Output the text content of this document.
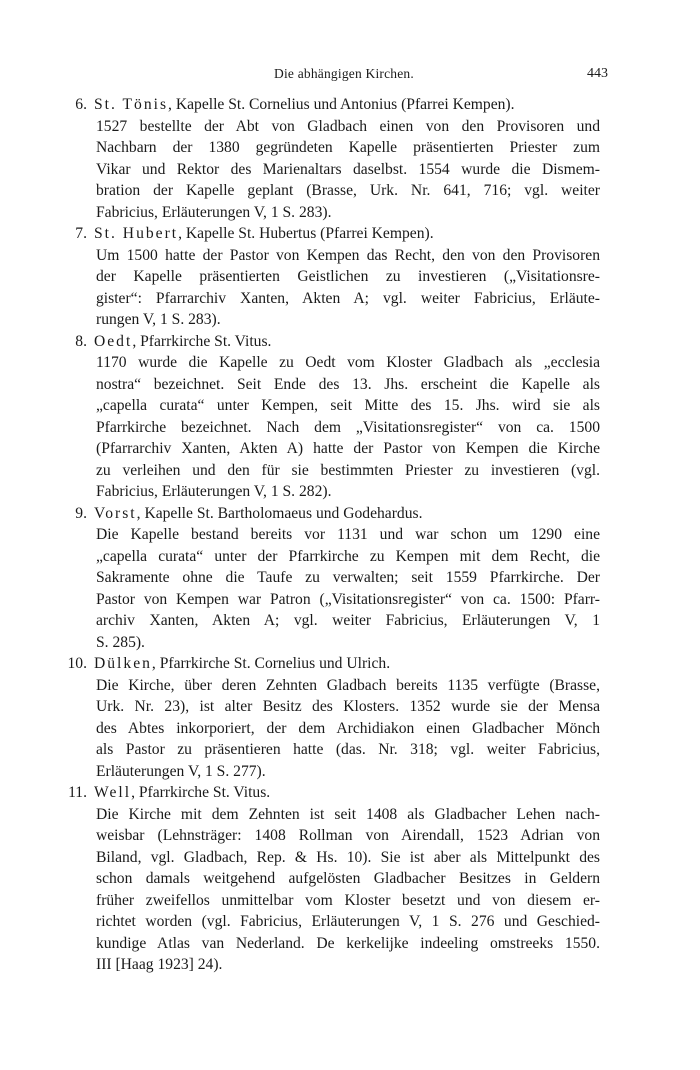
Die abhängigen Kirchen.	443
6. St. Tönis, Kapelle St. Cornelius und Antonius (Pfarrei Kempen).
1527 bestellte der Abt von Gladbach einen von den Provisoren und
Nachbarn der 1380 gegründeten Kapelle präsentierten Priester zum
Vikar und Rektor des Marienaltars daselbst. 1554 wurde die Dismem-
bration der Kapelle geplant (Brasse, Urk. Nr. 641, 716; vgl. weiter
Fabricius, Erläuterungen V, 1 S. 283).
7. St. Hubert, Kapelle St. Hubertus (Pfarrei Kempen).
Um 1500 hatte der Pastor von Kempen das Recht, den von den Provisoren
der Kapelle präsentierten Geistlichen zu investieren („Visitationsre-
gister“: Pfarrarchiv Xanten, Akten A; vgl. weiter Fabricius, Erläute-
rungen V, 1 S. 283).
8. Oedt, Pfarrkirche St. Vitus.
1170 wurde die Kapelle zu Oedt vom Kloster Gladbach als „ecclesia
nostra“ bezeichnet. Seit Ende des 13. Jhs. erscheint die Kapelle als
„capella curata“ unter Kempen, seit Mitte des 15. Jhs. wird sie als
Pfarrkirche bezeichnet. Nach dem „Visitationsregister“ von ca. 1500
(Pfarrarchiv Xanten, Akten A) hatte der Pastor von Kempen die Kirche
zu verleihen und den für sie bestimmten Priester zu investieren (vgl.
Fabricius, Erläuterungen V, 1 S. 282).
9. Vorst, Kapelle St. Bartholomaeus und Godehardus.
Die Kapelle bestand bereits vor 1131 und war schon um 1290 eine
„capella curata“ unter der Pfarrkirche zu Kempen mit dem Recht, die
Sakramente ohne die Taufe zu verwalten; seit 1559 Pfarrkirche. Der
Pastor von Kempen war Patron („Visitationsregister“ von ca. 1500: Pfarr-
archiv Xanten, Akten A; vgl. weiter Fabricius, Erläuterungen V, 1
S. 285).
10. Dülken, Pfarrkirche St. Cornelius und Ulrich.
Die Kirche, über deren Zehnten Gladbach bereits 1135 verfügte (Brasse,
Urk. Nr. 23), ist alter Besitz des Klosters. 1352 wurde sie der Mensa
des Abtes inkorporiert, der dem Archidiakon einen Gladbacher Mönch
als Pastor zu präsentieren hatte (das. Nr. 318; vgl. weiter Fabricius,
Erläuterungen V, 1 S. 277).
11. Well, Pfarrkirche St. Vitus.
Die Kirche mit dem Zehnten ist seit 1408 als Gladbacher Lehen nach-
weisbar (Lehnsträger: 1408 Rollman von Airendall, 1523 Adrian von
Biland, vgl. Gladbach, Rep. & Hs. 10). Sie ist aber als Mittelpunkt des
schon damals weitgehend aufgelösten Gladbacher Besitzes in Geldern
früher zweifellos unmittelbar vom Kloster besetzt und von diesem er-
richtet worden (vgl. Fabricius, Erläuterungen V, 1 S. 276 und Geschied-
kundige Atlas van Nederland. De kerkelijke indeeling omstreeks 1550.
III [Haag 1923] 24).
